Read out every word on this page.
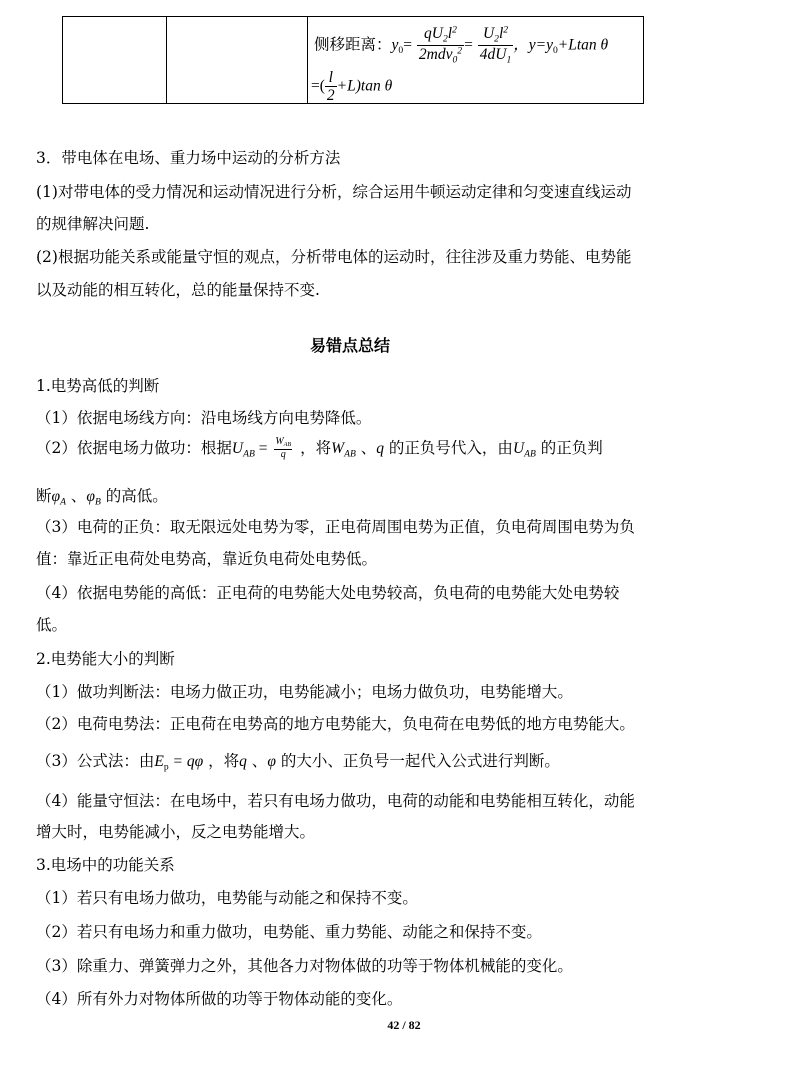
侧移距离：$y_0= \frac{qU_2l^2}{2mdv_0^2} = \frac{U_2l^2}{4dU_1}$ ，$y=y_0+Ltan$ θ
=( $\frac{l}{2} +L)\tan$ θ
3．带电体在电场、重力场中运动的分析方法
(1)对带电体的受力情况和运动情况进行分析，综合运用牛顿运动定律和匀变速直线运动
的规律解决问题.
(2)根据功能关系或能量守恒的观点，分析带电体的运动时，往往涉及重力势能、电势能
以及动能的相互转化，总的能量保持不变.
易错点总结
1.电势高低的判断
（1）依据电场线方向：沿电场线方向电势降低。
（2）依据电场力做功：根据$U_{AB} = W_{AB}$
q ，将$W_{AB}$ 、q 的正负号代入，由$U_{AB}$ 的正负判
断$\varphi_A$ 、$\varphi_B$ 的高低。
（3）电荷的正负：取无限远处电势为零，正电荷周围电势为正值，负电荷周围电势为负
值：靠近正电荷处电势高，靠近负电荷处电势低。
（4）依据电势能的高低：正电荷的电势能大处电势较高，负电荷的电势能大处电势较
低。
2.电势能大小的判断
（1）做功判断法：电场力做正功，电势能减小；电场力做负功，电势能增大。
（2）电荷电势法：正电荷在电势高的地方电势能大，负电荷在电势低的地方电势能大。
（3）公式法：由$E_p = q\varphi$ ，将q 、φ 的大小、正负号一起代入公式进行判断。
（4）能量守恒法：在电场中，若只有电场力做功，电荷的动能和电势能相互转化，动能
增大时，电势能减小，反之电势能增大。
3.电场中的功能关系
（1）若只有电场力做功，电势能与动能之和保持不变。
（2）若只有电场力和重力做功，电势能、重力势能、动能之和保持不变。
（3）除重力、弹簧弹力之外，其他各力对物体做的功等于物体机械能的变化。
（4）所有外力对物体所做的功等于物体动能的变化。
42 / 82
